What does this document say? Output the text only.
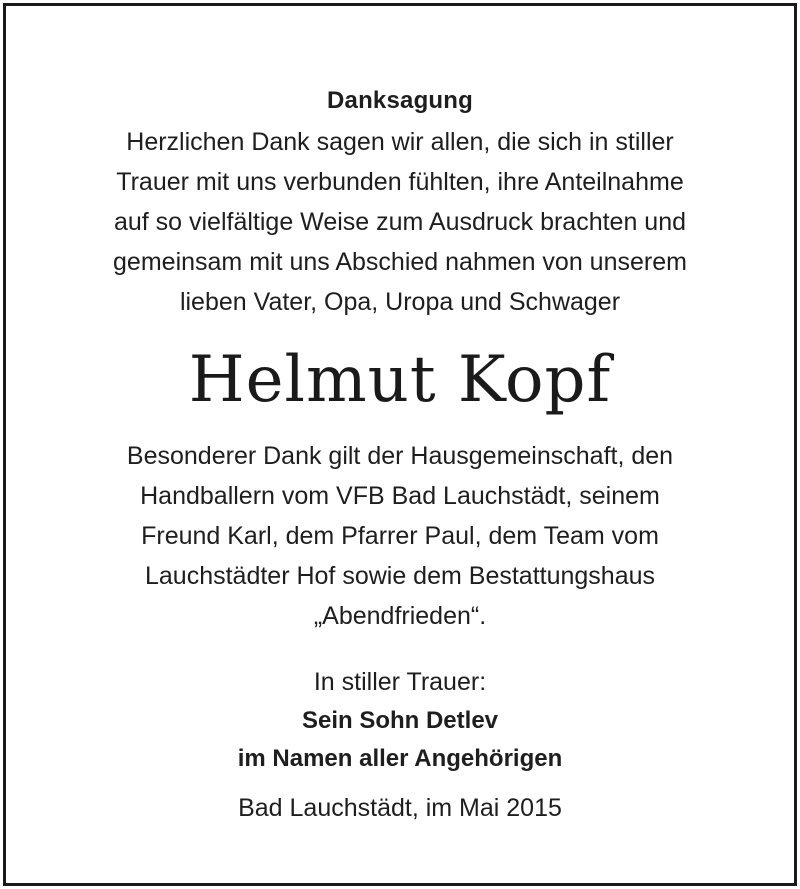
Danksagung
Herzlichen Dank sagen wir allen, die sich in stiller
Trauer mit uns verbunden fühlten, ihre Anteilnahme
auf so vielfältige Weise zum Ausdruck brachten und
gemeinsam mit uns Abschied nahmen von unserem
lieben Vater, Opa, Uropa und Schwager
Helmut Kopf
Besonderer Dank gilt der Hausgemeinschaft, den
Handballern vom VFB Bad Lauchstädt, seinem
Freund Karl, dem Pfarrer Paul, dem Team vom
Lauchstädter Hof sowie dem Bestattungshaus
„Abendfrieden“.
In stiller Trauer:
Sein Sohn Detlev
im Namen aller Angehörigen
Bad Lauchstädt, im Mai 2015
